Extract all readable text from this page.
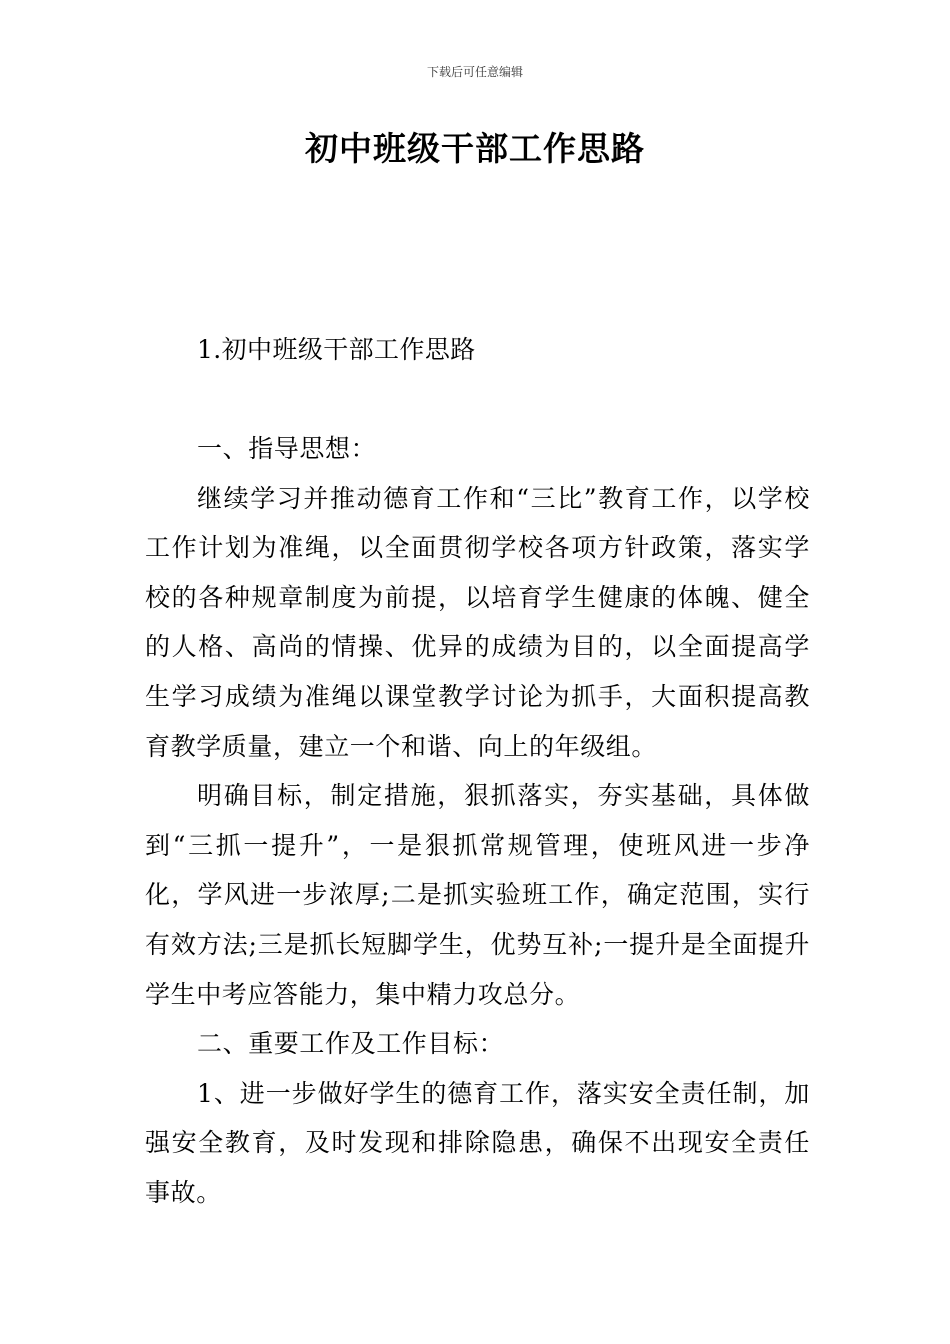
下载后可任意编辑
初中班级干部工作思路
1.初中班级干部工作思路

一、指导思想：

继续学习并推动德育工作和“三比”教育工作，以学校工作计划为准绳，以全面贯彻学校各项方针政策，落实学校的各种规章制度为前提，以培育学生健康的体魄、健全的人格、高尚的情操、优异的成绩为目的，以全面提高学生学习成绩为准绳以课堂教学讨论为抓手，大面积提高教育教学质量，建立一个和谐、向上的年级组。

明确目标，制定措施，狠抓落实，夯实基础，具体做到“三抓一提升”，一是狠抓常规管理，使班风进一步净化，学风进一步浓厚;二是抓实验班工作，确定范围，实行有效方法;三是抓长短脚学生，优势互补;一提升是全面提升学生中考应答能力，集中精力攻总分。

二、重要工作及工作目标：

1、进一步做好学生的德育工作，落实安全责任制，加强安全教育，及时发现和排除隐患，确保不出现安全责任事故。
